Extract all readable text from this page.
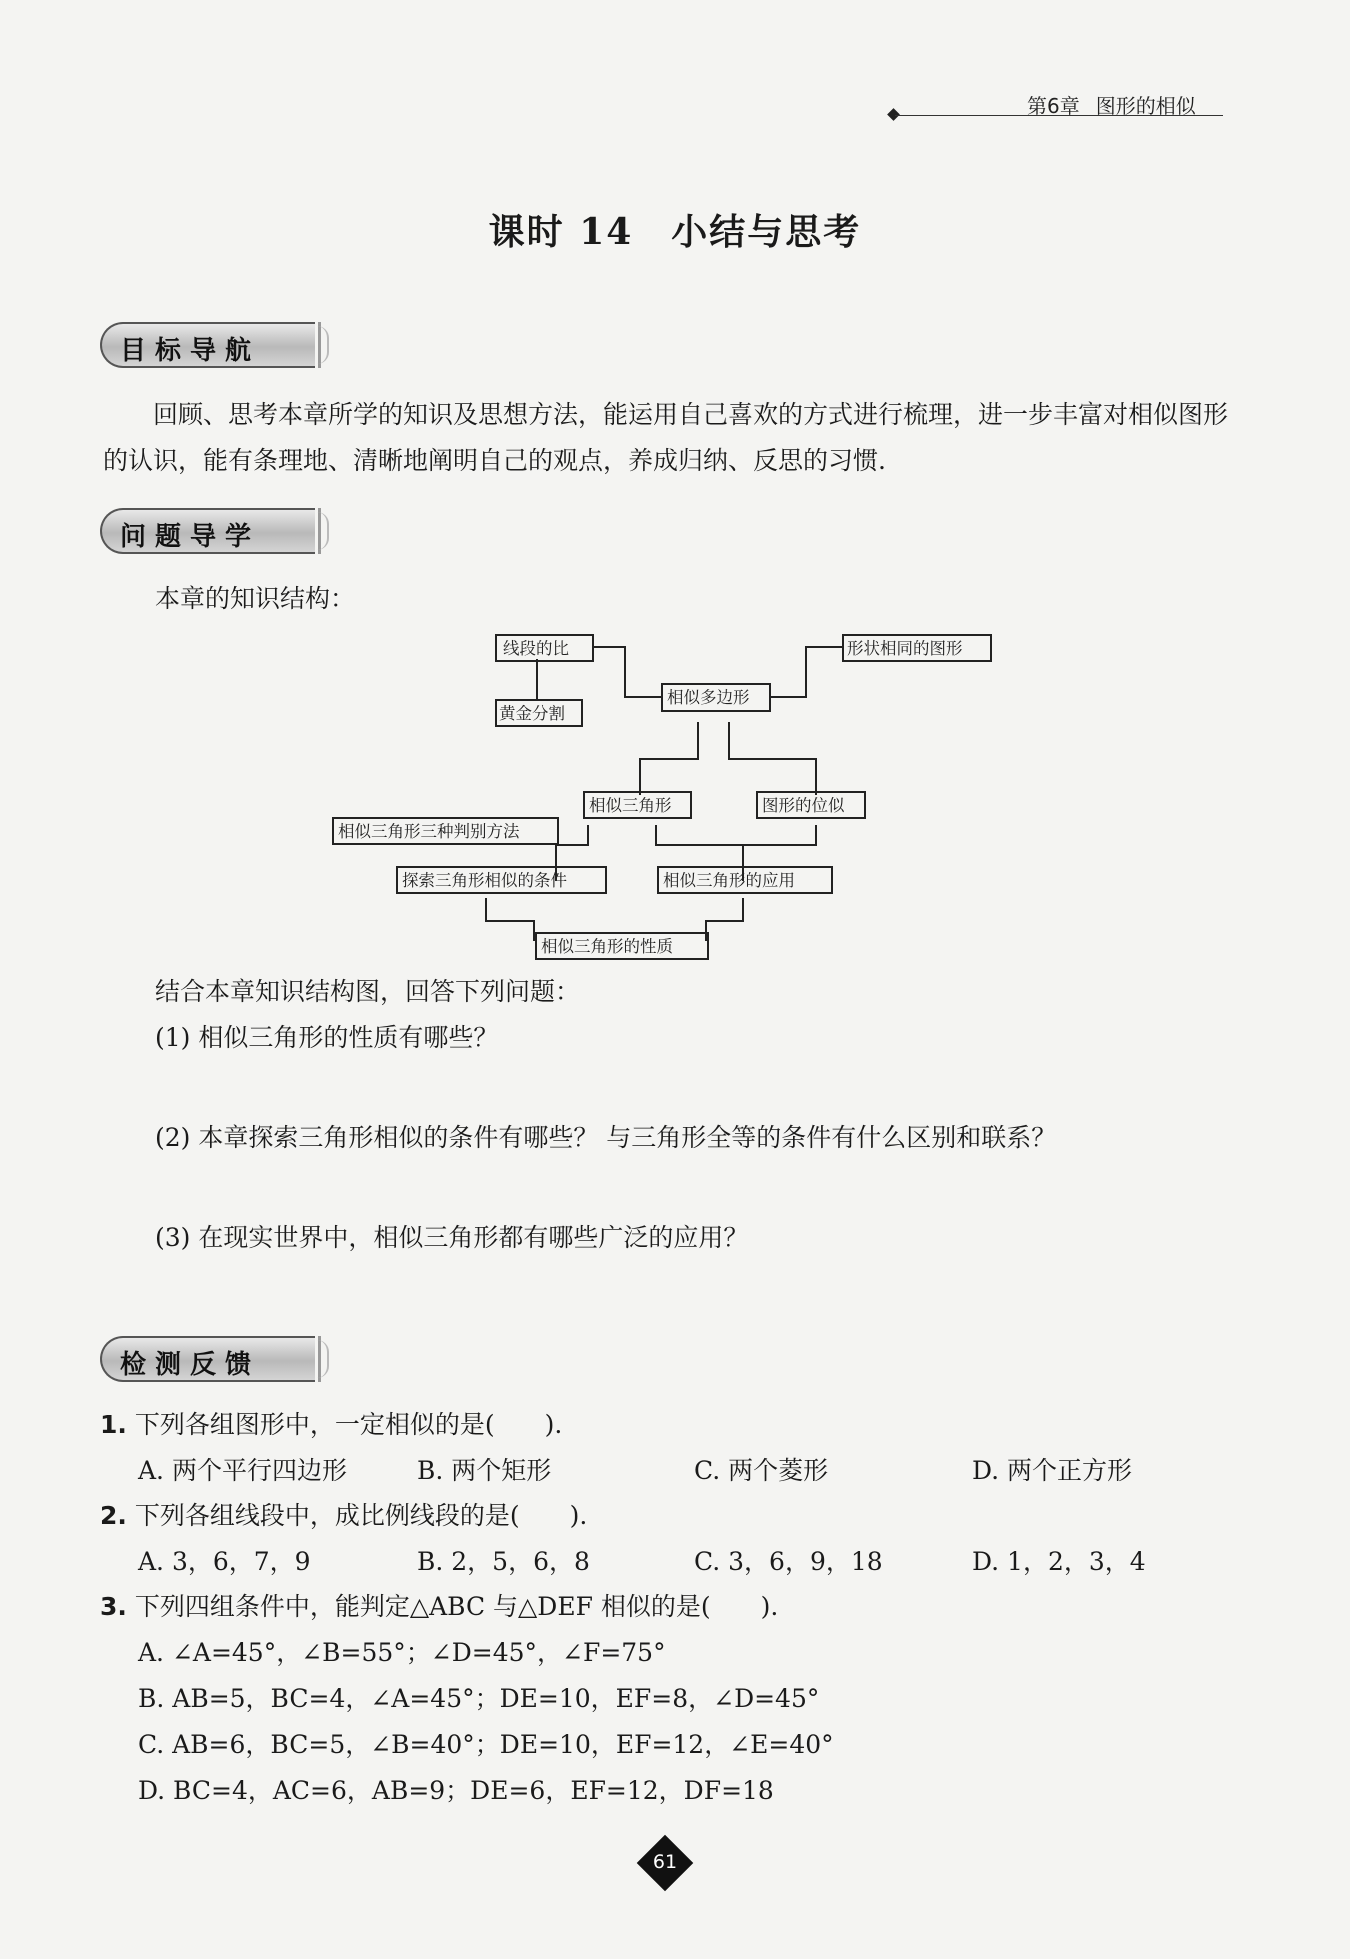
第6章 图形的相似
课时 14　小结与思考
目标导航
回顾、思考本章所学的知识及思想方法，能运用自己喜欢的方式进行梳理，进一步丰富对相似图形的认识，能有条理地、清晰地阐明自己的观点，养成归纳、反思的习惯.
问题导学
本章的知识结构：
线段的比
黄金分割
形状相同的图形
相似多边形
相似三角形	图形的位似
相似三角形三种判别方法
探索三角形相似的条件	相似三角形的应用
相似三角形的性质
结合本章知识结构图，回答下列问题：
(1) 相似三角形的性质有哪些？
(2) 本章探索三角形相似的条件有哪些？ 与三角形全等的条件有什么区别和联系？
(3) 在现实世界中，相似三角形都有哪些广泛的应用？
检测反馈
1. 下列各组图形中，一定相似的是(　　).
A. 两个平行四边形	B. 两个矩形	C. 两个菱形	D. 两个正方形
2. 下列各组线段中，成比例线段的是(　　).
A. 3，6，7，9	B. 2，5，6，8	C. 3，6，9，18	D. 1，2，3，4
3. 下列四组条件中，能判定△ABC 与△DEF 相似的是(　　).
A. ∠A=45°，∠B=55°；∠D=45°，∠F=75°
B. AB=5，BC=4，∠A=45°；DE=10，EF=8，∠D=45°
C. AB=6，BC=5，∠B=40°；DE=10，EF=12，∠E=40°
D. BC=4，AC=6，AB=9；DE=6，EF=12，DF=18
61
